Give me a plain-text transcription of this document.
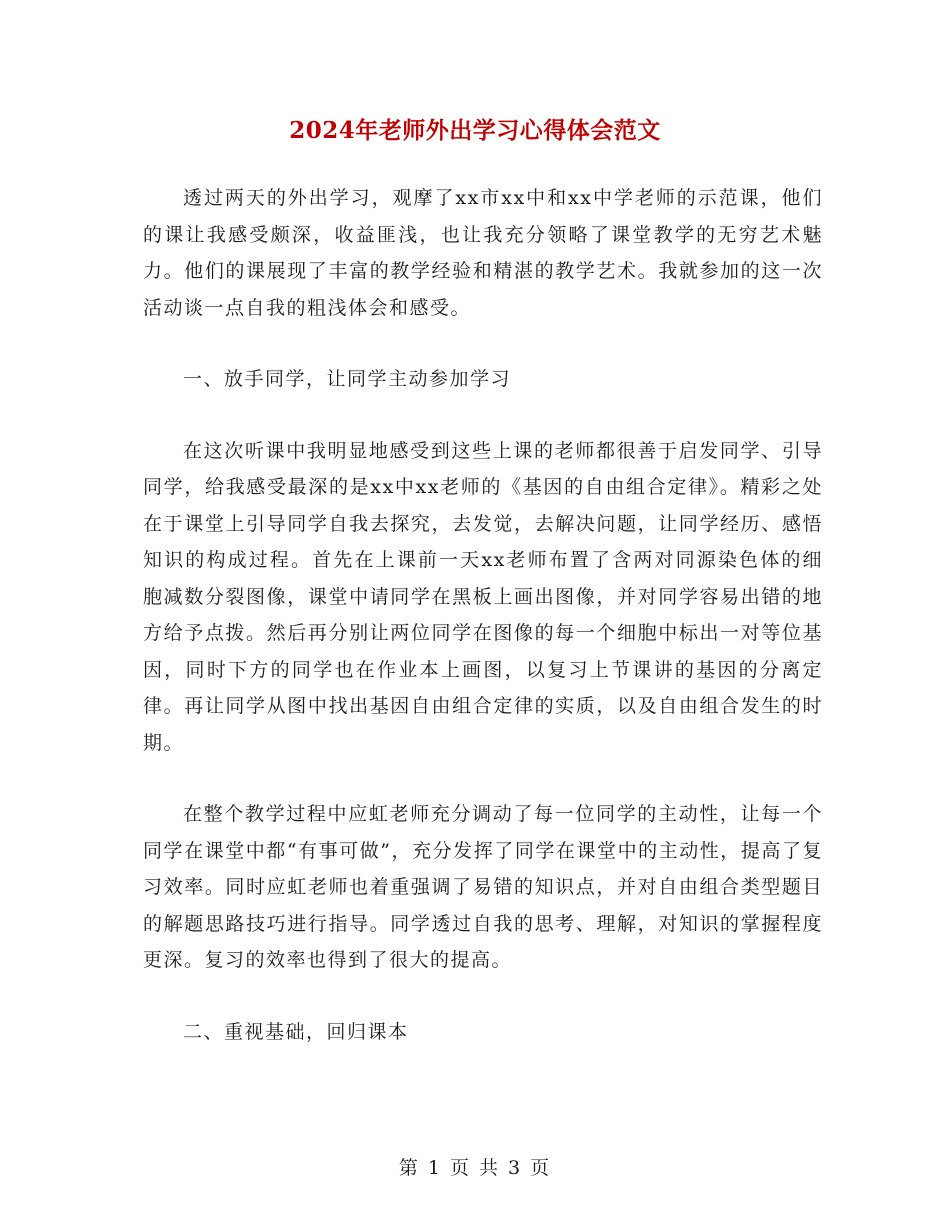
2024年老师外出学习心得体会范文

透过两天的外出学习，观摩了xx市xx中和xx中学老师的示范课，他们的课让我感受颇深，收益匪浅，也让我充分领略了课堂教学的无穷艺术魅力。他们的课展现了丰富的教学经验和精湛的教学艺术。我就参加的这一次活动谈一点自我的粗浅体会和感受。

一、放手同学，让同学主动参加学习

在这次听课中我明显地感受到这些上课的老师都很善于启发同学、引导同学，给我感受最深的是xx中xx老师的《基因的自由组合定律》。精彩之处在于课堂上引导同学自我去探究，去发觉，去解决问题，让同学经历、感悟知识的构成过程。首先在上课前一天xx老师布置了含两对同源染色体的细胞减数分裂图像，课堂中请同学在黑板上画出图像，并对同学容易出错的地方给予点拨。然后再分别让两位同学在图像的每一个细胞中标出一对等位基因，同时下方的同学也在作业本上画图，以复习上节课讲的基因的分离定律。再让同学从图中找出基因自由组合定律的实质，以及自由组合发生的时期。

在整个教学过程中应虹老师充分调动了每一位同学的主动性，让每一个同学在课堂中都“有事可做”，充分发挥了同学在课堂中的主动性，提高了复习效率。同时应虹老师也着重强调了易错的知识点，并对自由组合类型题目的解题思路技巧进行指导。同学透过自我的思考、理解，对知识的掌握程度更深。复习的效率也得到了很大的提高。

二、重视基础，回归课本

第 1 页 共 3 页
